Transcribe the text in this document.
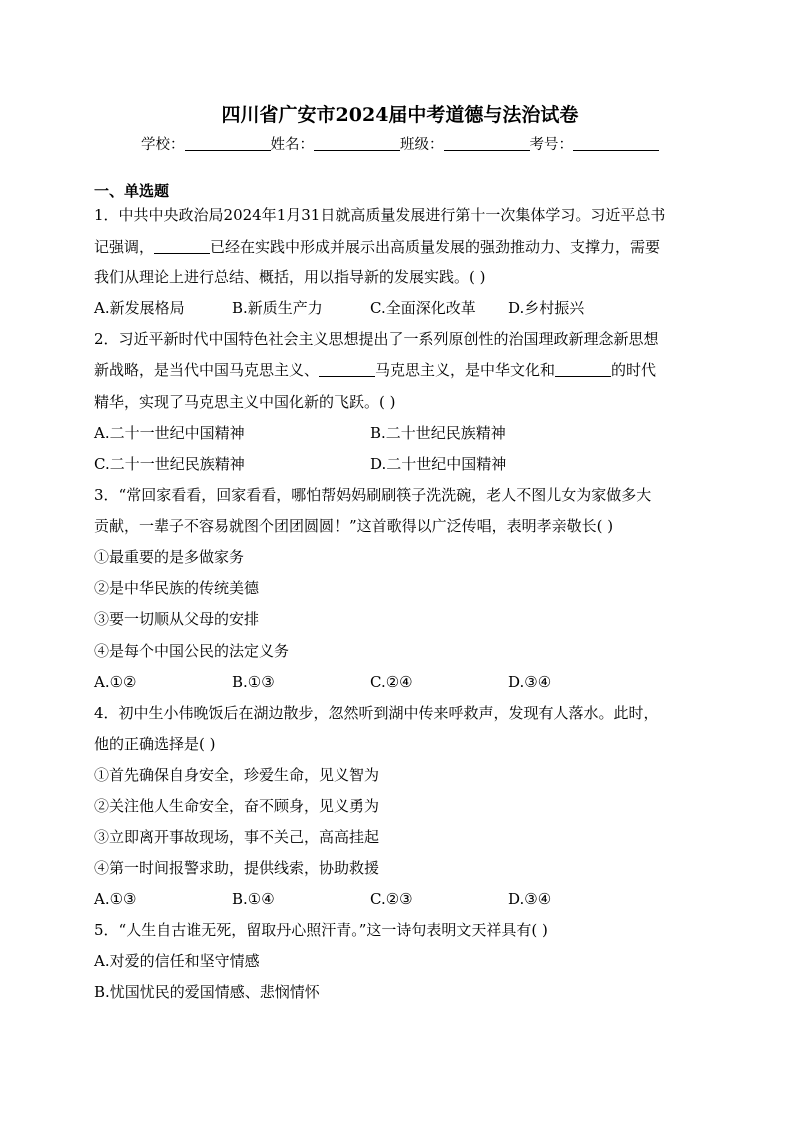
四川省广安市2024届中考道德与法治试卷
学校：	姓名：	班级：	考号：
一、单选题
1．中共中央政治局2024年1月31日就高质量发展进行第十一次集体学习。习近平总书
记强调，	已经在实践中形成并展示出高质量发展的强劲推动力、支撑力，需要
我们从理论上进行总结、概括，用以指导新的发展实践。( )
A.新发展格局	B.新质生产力	C.全面深化改革 D.乡村振兴
2．习近平新时代中国特色社会主义思想提出了一系列原创性的治国理政新理念新思想
新战略，是当代中国马克思主义、	马克思主义，是中华文化和	的时代
精华，实现了马克思主义中国化新的飞跃。( )
A.二十一世纪中国精神	B.二十世纪民族精神
C.二十一世纪民族精神	D.二十世纪中国精神
3．“常回家看看，回家看看，哪怕帮妈妈刷刷筷子洗洗碗，老人不图儿女为家做多大
贡献，一辈子不容易就图个团团圆圆！”这首歌得以广泛传唱，表明孝亲敬长( )
①最重要的是多做家务
②是中华民族的传统美德
③要一切顺从父母的安排
④是每个中国公民的法定义务
A.①②	B.①③	C.②④	D.③④
4．初中生小伟晚饭后在湖边散步，忽然听到湖中传来呼救声，发现有人落水。此时，
他的正确选择是( )
①首先确保自身安全，珍爱生命，见义智为
②关注他人生命安全，奋不顾身，见义勇为
③立即离开事故现场，事不关己，高高挂起
④第一时间报警求助，提供线索，协助救援
A.①③	B.①④	C.②③	D.③④
5．“人生自古谁无死，留取丹心照汗青。”这一诗句表明文天祥具有( )
A.对爱的信任和坚守情感
B.忧国忧民的爱国情感、悲悯情怀
